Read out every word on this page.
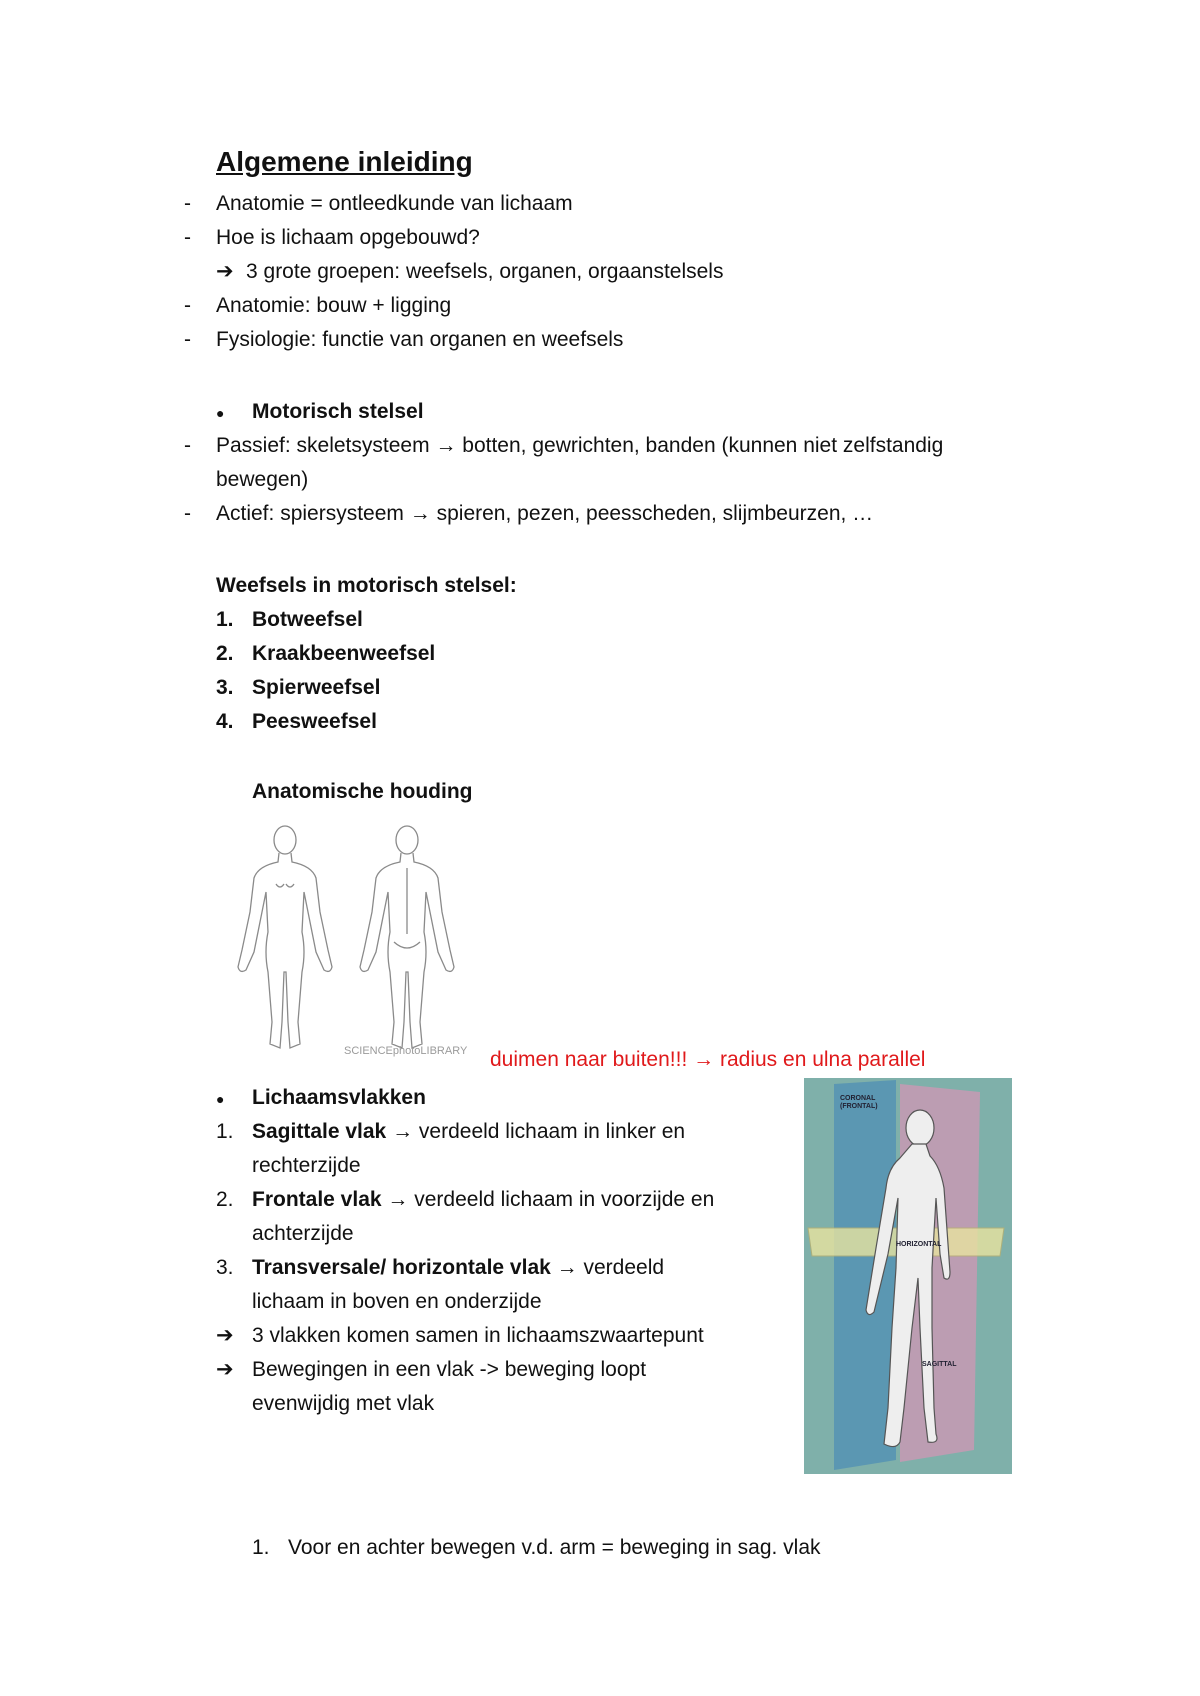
Algemene inleiding
- Anatomie = ontleedkunde van lichaam
- Hoe is lichaam opgebouwd?
➔ 3 grote groepen: weefsels, organen, orgaanstelsels
- Anatomie: bouw + ligging
- Fysiologie: functie van organen en weefsels
● Motorisch stelsel
- Passief: skeletsysteem → botten, gewrichten, banden (kunnen niet zelfstandig
bewegen)
- Actief: spiersysteem → spieren, pezen, peesscheden, slijmbeurzen, …
Weefsels in motorisch stelsel:
1. Botweefsel
2. Kraakbeenweefsel
3. Spierweefsel
4. Peesweefsel
Anatomische houding
SCIENCEphotoLIBRARY duimen naar buiten!!! → radius en ulna parallel
● Lichaamsvlakken
1. Sagittale vlak → verdeeld lichaam in linker en
rechterzijde
2. Frontale vlak → verdeeld lichaam in voorzijde en
achterzijde
3. Transversale/ horizontale vlak → verdeeld
lichaam in boven en onderzijde
➔ 3 vlakken komen samen in lichaamszwaartepunt
➔ Bewegingen in een vlak -> beweging loopt
evenwijdig met vlak
CORONAL
(FRONTAL)
HORIZONTAL
SAGITTAL
1. Voor en achter bewegen v.d. arm = beweging in sag. vlak
